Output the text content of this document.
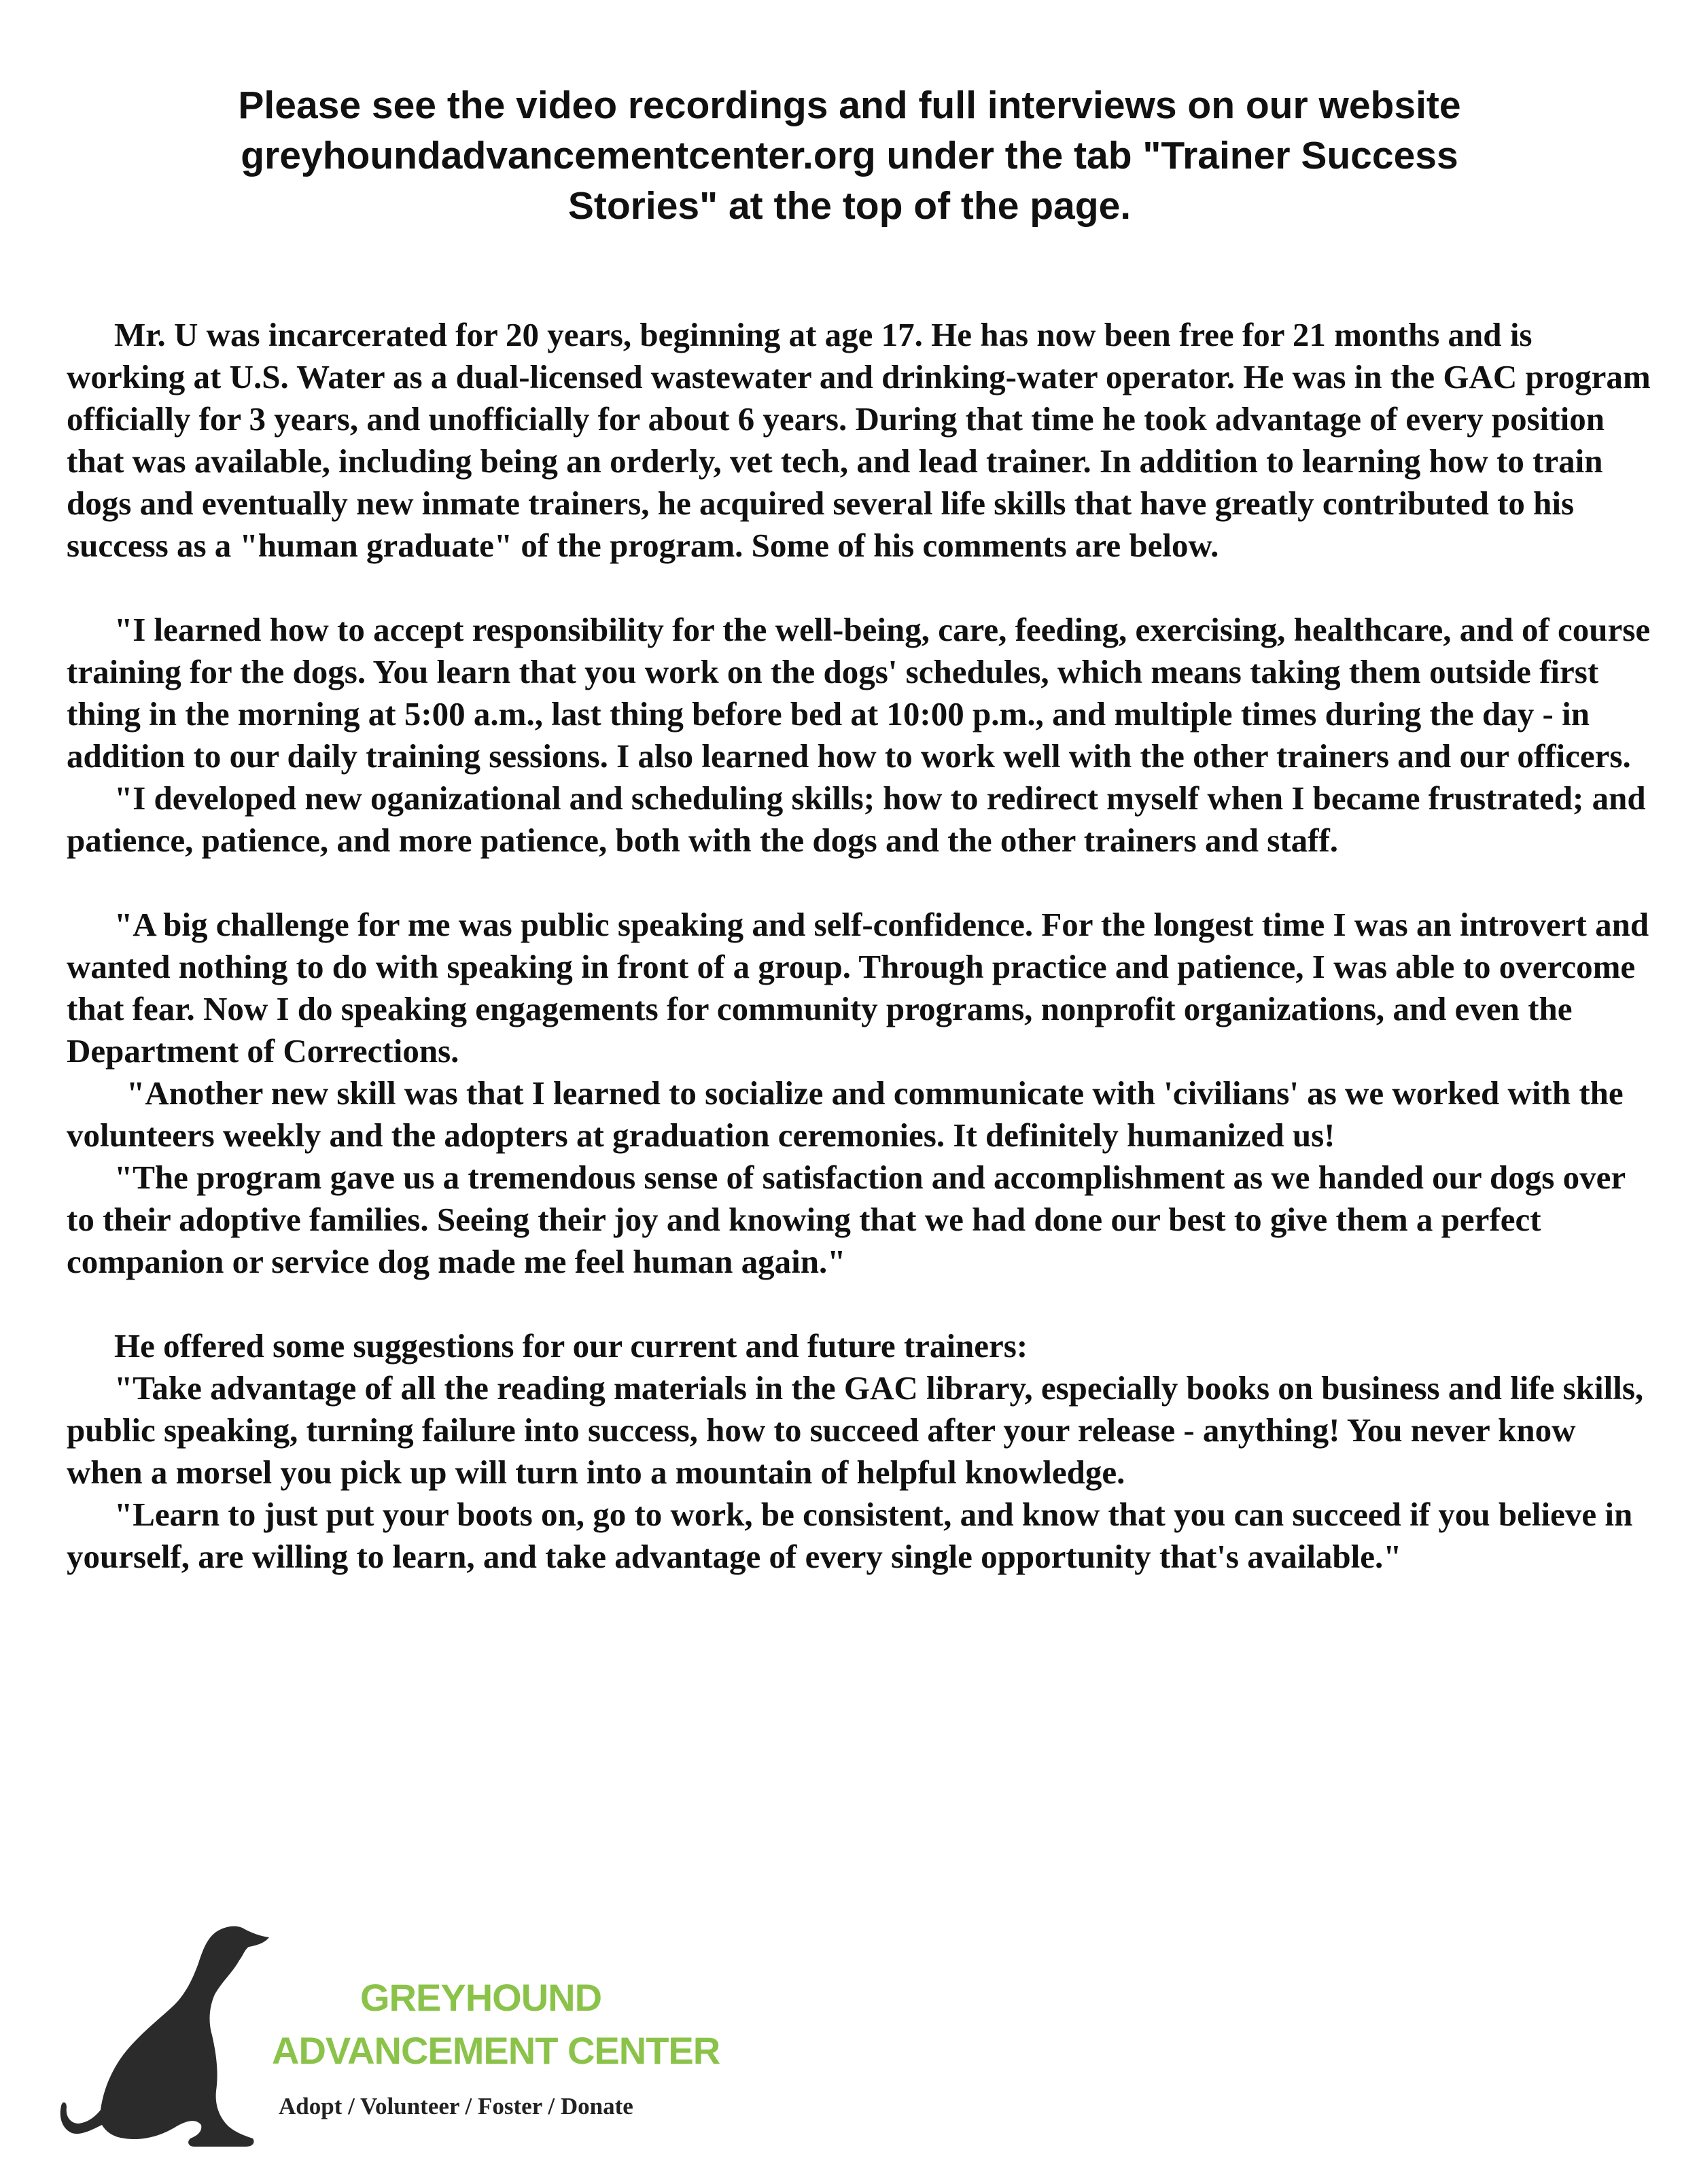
Please see the video recordings and full interviews on our website
greyhoundadvancementcenter.org under the tab "Trainer Success
Stories" at the top of the page.

Mr. U was incarcerated for 20 years, beginning at age 17. He has now been free for 21 months and is working at U.S. Water as a dual-licensed wastewater and drinking-water operator. He was in the GAC program officially for 3 years, and unofficially for about 6 years. During that time he took advantage of every position that was available, including being an orderly, vet tech, and lead trainer. In addition to learning how to train dogs and eventually new inmate trainers, he acquired several life skills that have greatly contributed to his success as a "human graduate" of the program. Some of his comments are below.

"I learned how to accept responsibility for the well-being, care, feeding, exercising, healthcare, and of course training for the dogs. You learn that you work on the dogs' schedules, which means taking them outside first thing in the morning at 5:00 a.m., last thing before bed at 10:00 p.m., and multiple times during the day - in addition to our daily training sessions. I also learned how to work well with the other trainers and our officers.

"I developed new oganizational and scheduling skills; how to redirect myself when I became frustrated; and patience, patience, and more patience, both with the dogs and the other trainers and staff.

"A big challenge for me was public speaking and self-confidence. For the longest time I was an introvert and wanted nothing to do with speaking in front of a group. Through practice and patience, I was able to overcome that fear. Now I do speaking engagements for community programs, nonprofit organizations, and even the Department of Corrections.

"Another new skill was that I learned to socialize and communicate with 'civilians' as we worked with the volunteers weekly and the adopters at graduation ceremonies. It definitely humanized us!

"The program gave us a tremendous sense of satisfaction and accomplishment as we handed our dogs over to their adoptive families. Seeing their joy and knowing that we had done our best to give them a perfect companion or service dog made me feel human again."

He offered some suggestions for our current and future trainers:

"Take advantage of all the reading materials in the GAC library, especially books on business and life skills, public speaking, turning failure into success, how to succeed after your release - anything! You never know when a morsel you pick up will turn into a mountain of helpful knowledge.

"Learn to just put your boots on, go to work, be consistent, and know that you can succeed if you believe in yourself, are willing to learn, and take advantage of every single opportunity that's available."

GREYHOUND
ADVANCEMENT CENTER
Adopt / Volunteer / Foster / Donate
